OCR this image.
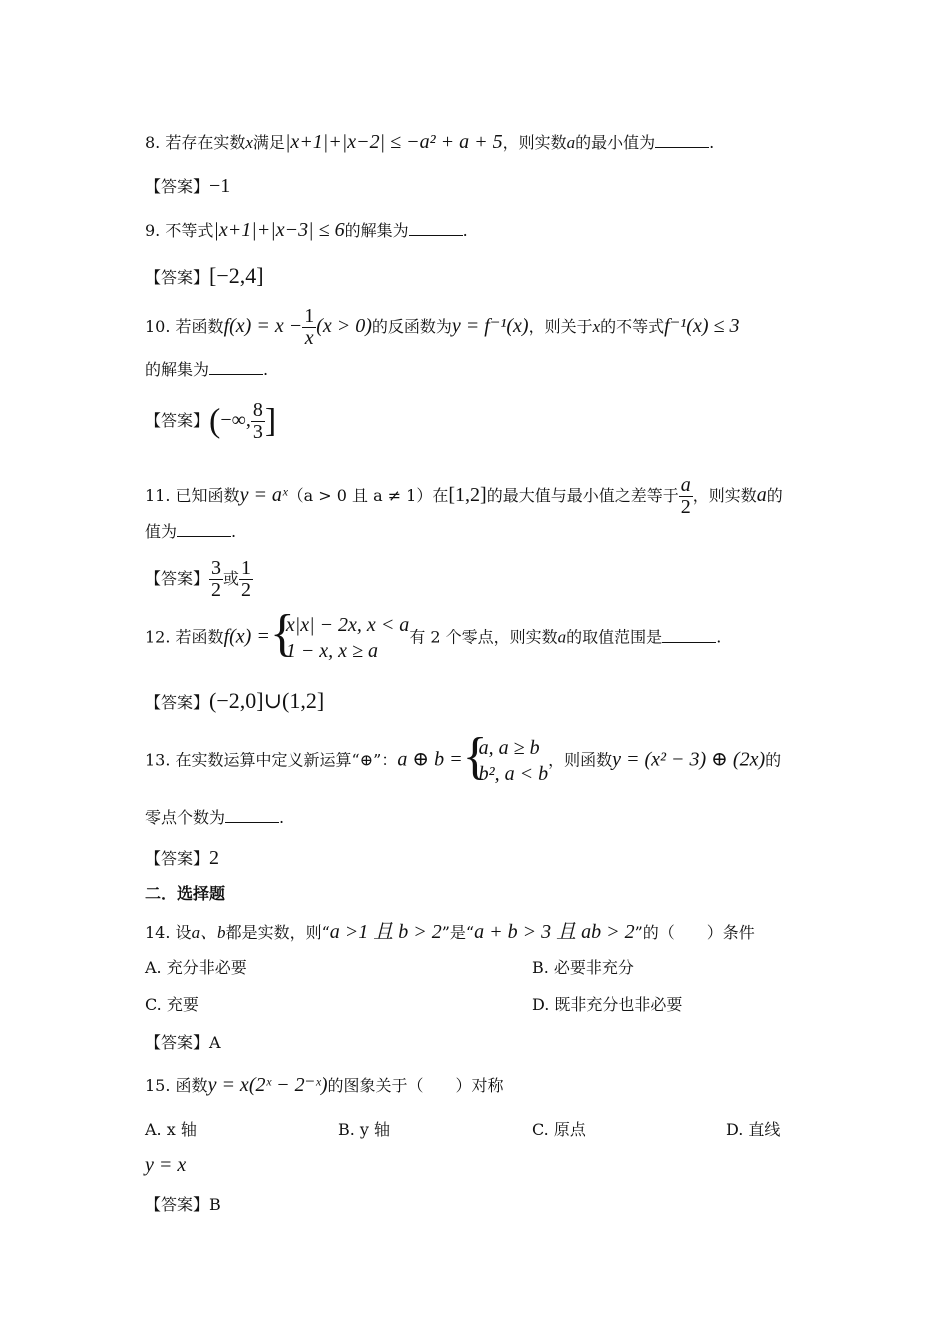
8. 若存在实数x满足|x+1|+|x−2| ≤ −a² + a + 5，则实数a的最小值为	.
【答案】−1
9. 不等式|x+1|+|x−3| ≤ 6的解集为	.
【答案】[−2,4]
10. 若函数$f(x) = x - \frac{1}{x} (x > 0)$的反函数为y = f⁻¹(x)，则关于x的不等式f⁻¹(x) ≤ 3
的解集为	.
【答案】(−∞, $\frac{8}{3}$ ]
11. 已知函数y = aˣ（a > 0 且 a ≠ 1）在[1,2]的最大值与最小值之差等于 $\frac{a}{2}$ ，则实数a的
值为	.
【答案】 $\frac{3}{2}$ 或 $\frac{1}{2}$
12. 若函数f(x) = {
x|x| − 2x, x < a
1 − x, x ≥ a
有 2 个零点，则实数a的取值范围是	.
【答案】(−2,0]∪(1,2]
13. 在实数运算中定义新运算“⊕”：a ⊕ b = {
a, a ≥ b
b², a < b
，则函数y = (x² − 3) ⊕ (2x)的
零点个数为	.
【答案】2
二．选择题
14. 设a、b都是实数，则“a >1 且 b > 2”是“a + b > 3 且 ab > 2”的（　　）条件
A. 充分非必要	B. 必要非充分
C. 充要	D. 既非充分也非必要
【答案】A
15. 函数y = x(2ˣ − 2⁻ˣ)的图象关于（　　）对称
A. x 轴	B. y 轴	C. 原点	D. 直线
y = x
【答案】B
